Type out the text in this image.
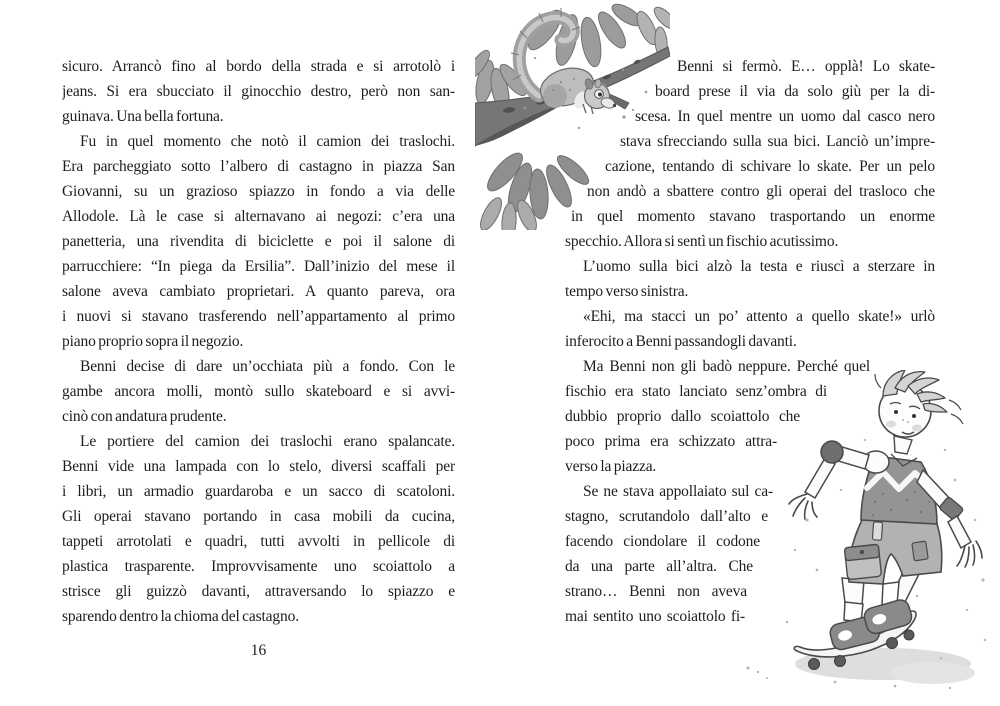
sicuro. Arrancò fino al bordo della strada e si arrotolò i
jeans. Si era sbucciato il ginocchio destro, però non san-
guinava. Una bella fortuna.
Fu in quel momento che notò il camion dei traslochi.
Era parcheggiato sotto l’albero di castagno in piazza San
Giovanni, su un grazioso spiazzo in fondo a via delle
Allodole. Là le case si alternavano ai negozi: c’era una
panetteria, una rivendita di biciclette e poi il salone di
parrucchiere: “In piega da Ersilia”. Dall’inizio del mese il
salone aveva cambiato proprietari. A quanto pareva, ora
i nuovi si stavano trasferendo nell’appartamento al primo
piano proprio sopra il negozio.
Benni decise di dare un’occhiata più a fondo. Con le
gambe ancora molli, montò sullo skateboard e si avvi-
cinò con andatura prudente.
Le portiere del camion dei traslochi erano spalancate.
Benni vide una lampada con lo stelo, diversi scaffali per
i libri, un armadio guardaroba e un sacco di scatoloni.
Gli operai stavano portando in casa mobili da cucina,
tappeti arrotolati e quadri, tutti avvolti in pellicole di
plastica trasparente. Improvvisamente uno scoiattolo a
strisce gli guizzò davanti, attraversando lo spiazzo e
sparendo dentro la chioma del castagno.
16
Benni si fermò. E… opplà! Lo skate-
board prese il via da solo giù per la di-
scesa. In quel mentre un uomo dal casco nero
stava sfrecciando sulla sua bici. Lanciò un’impre-
cazione, tentando di schivare lo skate. Per un pelo
non andò a sbattere contro gli operai del trasloco che
in quel momento stavano trasportando un enorme
specchio. Allora si sentì un fischio acutissimo.
L’uomo sulla bici alzò la testa e riuscì a sterzare in
tempo verso sinistra.
«Ehi, ma stacci un po’ attento a quello skate!» urlò
inferocito a Benni passandogli davanti.
Ma Benni non gli badò neppure. Perché quel
fischio era stato lanciato senz’ombra di
dubbio proprio dallo scoiattolo che
poco prima era schizzato attra-
verso la piazza.
Se ne stava appollaiato sul ca-
stagno, scrutandolo dall’alto e
facendo ciondolare il codone
da una parte all’altra. Che
strano… Benni non aveva
mai sentito uno scoiattolo fi-
